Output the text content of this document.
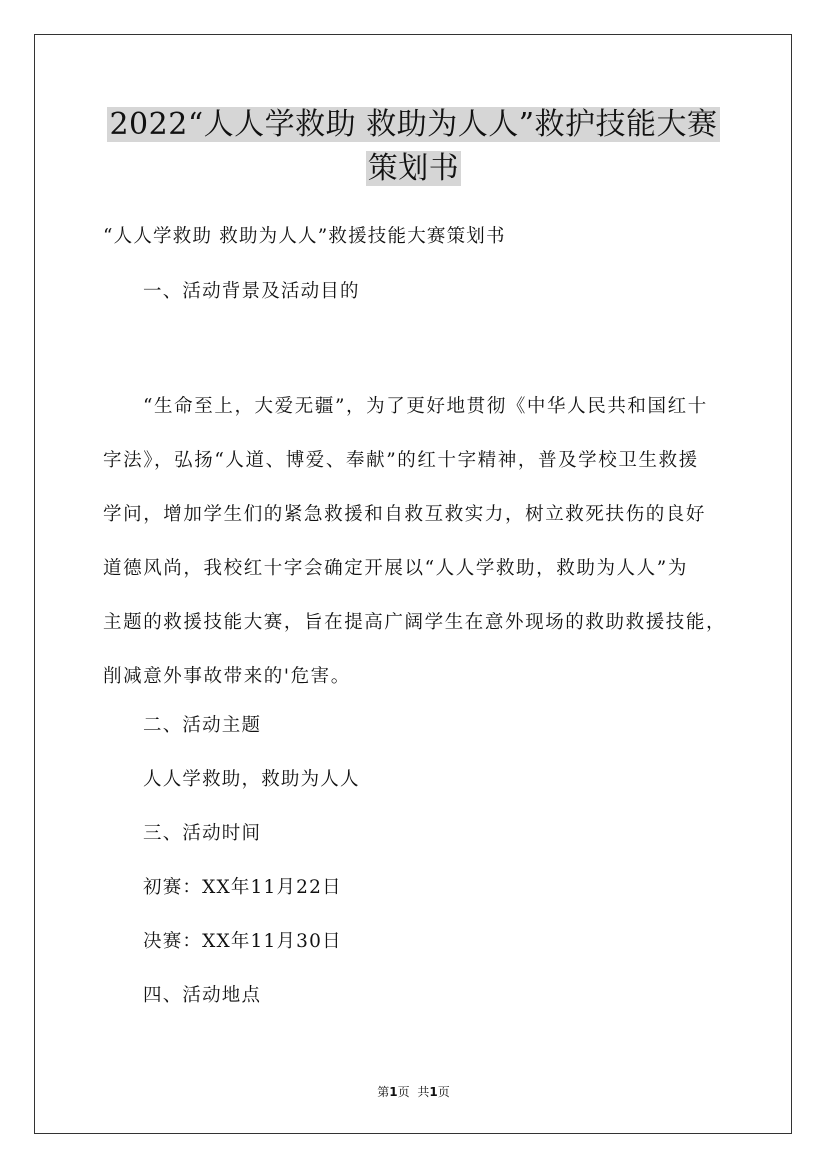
2022“人人学救助 救助为人人”救护技能大赛
策划书
“人人学救助 救助为人人”救援技能大赛策划书
一、活动背景及活动目的
“生命至上，大爱无疆”，为了更好地贯彻《中华人民共和国红十
字法》，弘扬“人道、博爱、奉献”的红十字精神，普及学校卫生救援
学问，增加学生们的紧急救援和自救互救实力，树立救死扶伤的良好
道德风尚，我校红十字会确定开展以“人人学救助，救助为人人”为
主题的救援技能大赛，旨在提高广阔学生在意外现场的救助救援技能，
削减意外事故带来的'危害。
二、活动主题
人人学救助，救助为人人
三、活动时间
初赛：XX年11月22日
决赛：XX年11月30日
四、活动地点
第1页 共1页
